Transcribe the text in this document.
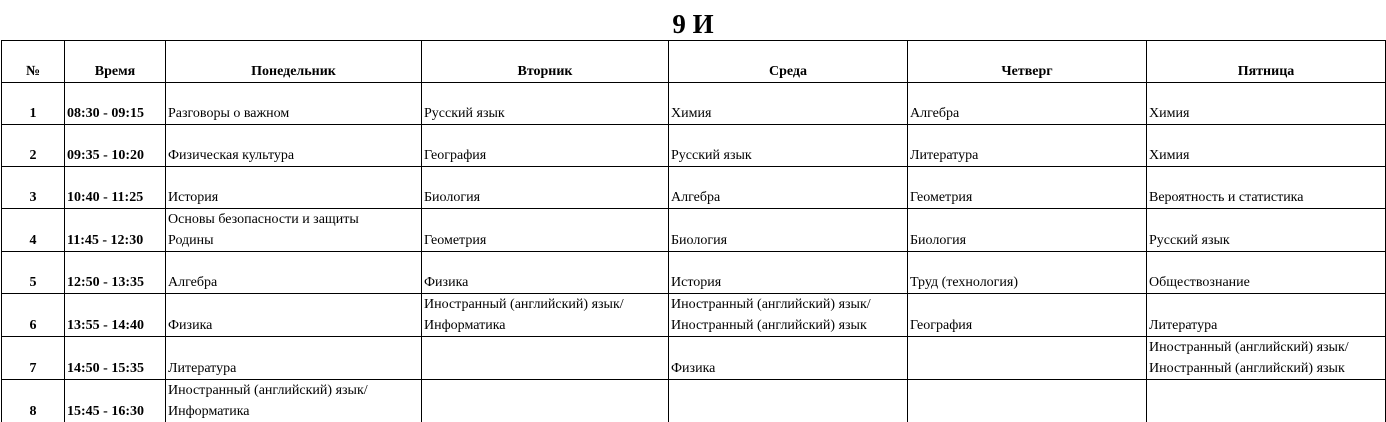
9 И
№	Время	Понедельник	Вторник	Среда	Четверг	Пятница
1	08:30 - 09:15	Разговоры о важном	Русский язык	Химия	Алгебра	Химия

2	09:35 - 10:20	Физическая культура	География	Русский язык	Литература	Химия

3	10:40 - 11:25	История	Биология	Алгебра	Геометрия	Вероятность и статистика

4	11:45 - 12:30	Основы безопасности и защиты
Родины	Геометрия	Биология	Биология	Русский язык

5	12:50 - 13:35	Алгебра	Физика	История	Труд (технология)	Обществознание

6	13:55 - 14:40	Физика	Иностранный (английский) язык/
Информатика	Иностранный (английский) язык/
Иностранный (английский) язык	География	Литература

7	14:50 - 15:35	Литература		Физика		Иностранный (английский) язык/
Иностранный (английский) язык

8	15:45 - 16:30	Иностранный (английский) язык/
Информатика				
